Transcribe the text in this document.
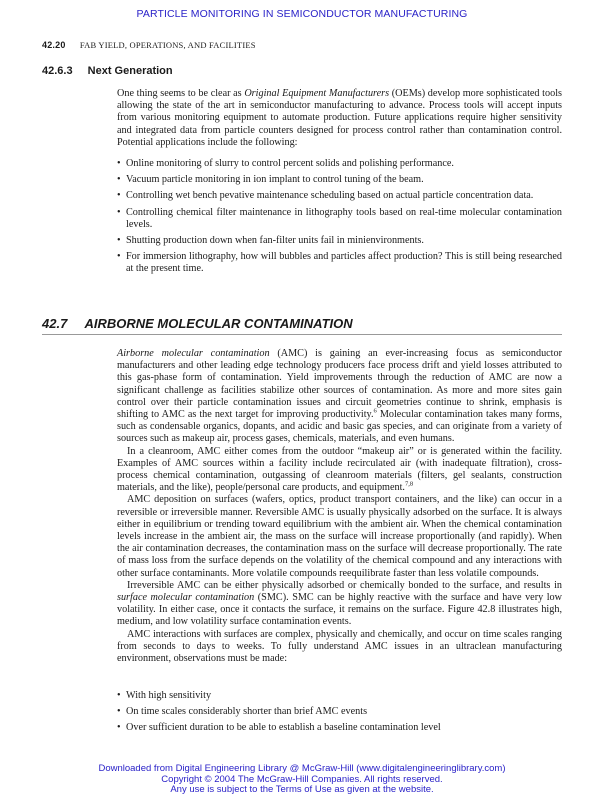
PARTICLE MONITORING IN SEMICONDUCTOR MANUFACTURING
42.20 FAB YIELD, OPERATIONS, AND FACILITIES
42.6.3 Next Generation

One thing seems to be clear as Original Equipment Manufacturers (OEMs) develop more sophisticated tools allowing the state of the art in semiconductor manufacturing to advance. Process tools will accept inputs from various monitoring equipment to automate production. Future applications require higher sensitivity and integrated data from particle counters designed for process control rather than contamination control. Potential applications include the following:

• Online monitoring of slurry to control percent solids and polishing performance.
• Vacuum particle monitoring in ion implant to control tuning of the beam.
• Controlling wet bench pevative maintenance scheduling based on actual particle concentration data.
• Controlling chemical filter maintenance in lithography tools based on real-time molecular contamination levels.
• Shutting production down when fan-filter units fail in minienvironments.
• For immersion lithography, how will bubbles and particles affect production? This is still being researched at the present time.
42.7 AIRBORNE MOLECULAR CONTAMINATION

Airborne molecular contamination (AMC) is gaining an ever-increasing focus as semiconductor manufacturers and other leading edge technology producers face process drift and yield losses attributed to this gas-phase form of contamination. Yield improvements through the reduction of AMC are now a significant challenge as facilities stabilize other sources of contamination. As more and more sites gain control over their particle contamination issues and circuit geometries continue to shrink, emphasis is shifting to AMC as the next target for improving productivity.$^6$ Molecular contamination takes many forms, such as condensable organics, dopants, and acidic and basic gas species, and can originate from a variety of sources such as makeup air, process gases, chemicals, materials, and even humans.

In a cleanroom, AMC either comes from the outdoor “makeup air” or is generated within the facility. Examples of AMC sources within a facility include recirculated air (with inadequate filtration), cross-process chemical contamination, outgassing of cleanroom materials (filters, gel sealants, construction materials, and the like), people/personal care products, and equipment.$^{7,8}$

AMC deposition on surfaces (wafers, optics, product transport containers, and the like) can occur in a reversible or irreversible manner. Reversible AMC is usually physically adsorbed on the surface. It is always either in equilibrium or trending toward equilibrium with the ambient air. When the chemical contamination levels increase in the ambient air, the mass on the surface will increase proportionally (and rapidly). When the air contamination decreases, the contamination mass on the surface will decrease proportionally. The rate of mass loss from the surface depends on the volatility of the chemical compound and any interactions with other surface contaminants. More volatile compounds reequilibrate faster than less volatile compounds.

Irreversible AMC can be either physically adsorbed or chemically bonded to the surface, and results in surface molecular contamination (SMC). SMC can be highly reactive with the surface and have very low volatility. In either case, once it contacts the surface, it remains on the surface. Figure 42.8 illustrates high, medium, and low volatility surface contamination events.

AMC interactions with surfaces are complex, physically and chemically, and occur on time scales ranging from seconds to days to weeks. To fully understand AMC issues in an ultraclean manufacturing environment, observations must be made:

• With high sensitivity
• On time scales considerably shorter than brief AMC events
• Over sufficient duration to be able to establish a baseline contamination level
Downloaded from Digital Engineering Library @ McGraw-Hill (www.digitalengineeringlibrary.com)
Copyright © 2004 The McGraw-Hill Companies. All rights reserved.
Any use is subject to the Terms of Use as given at the website.
